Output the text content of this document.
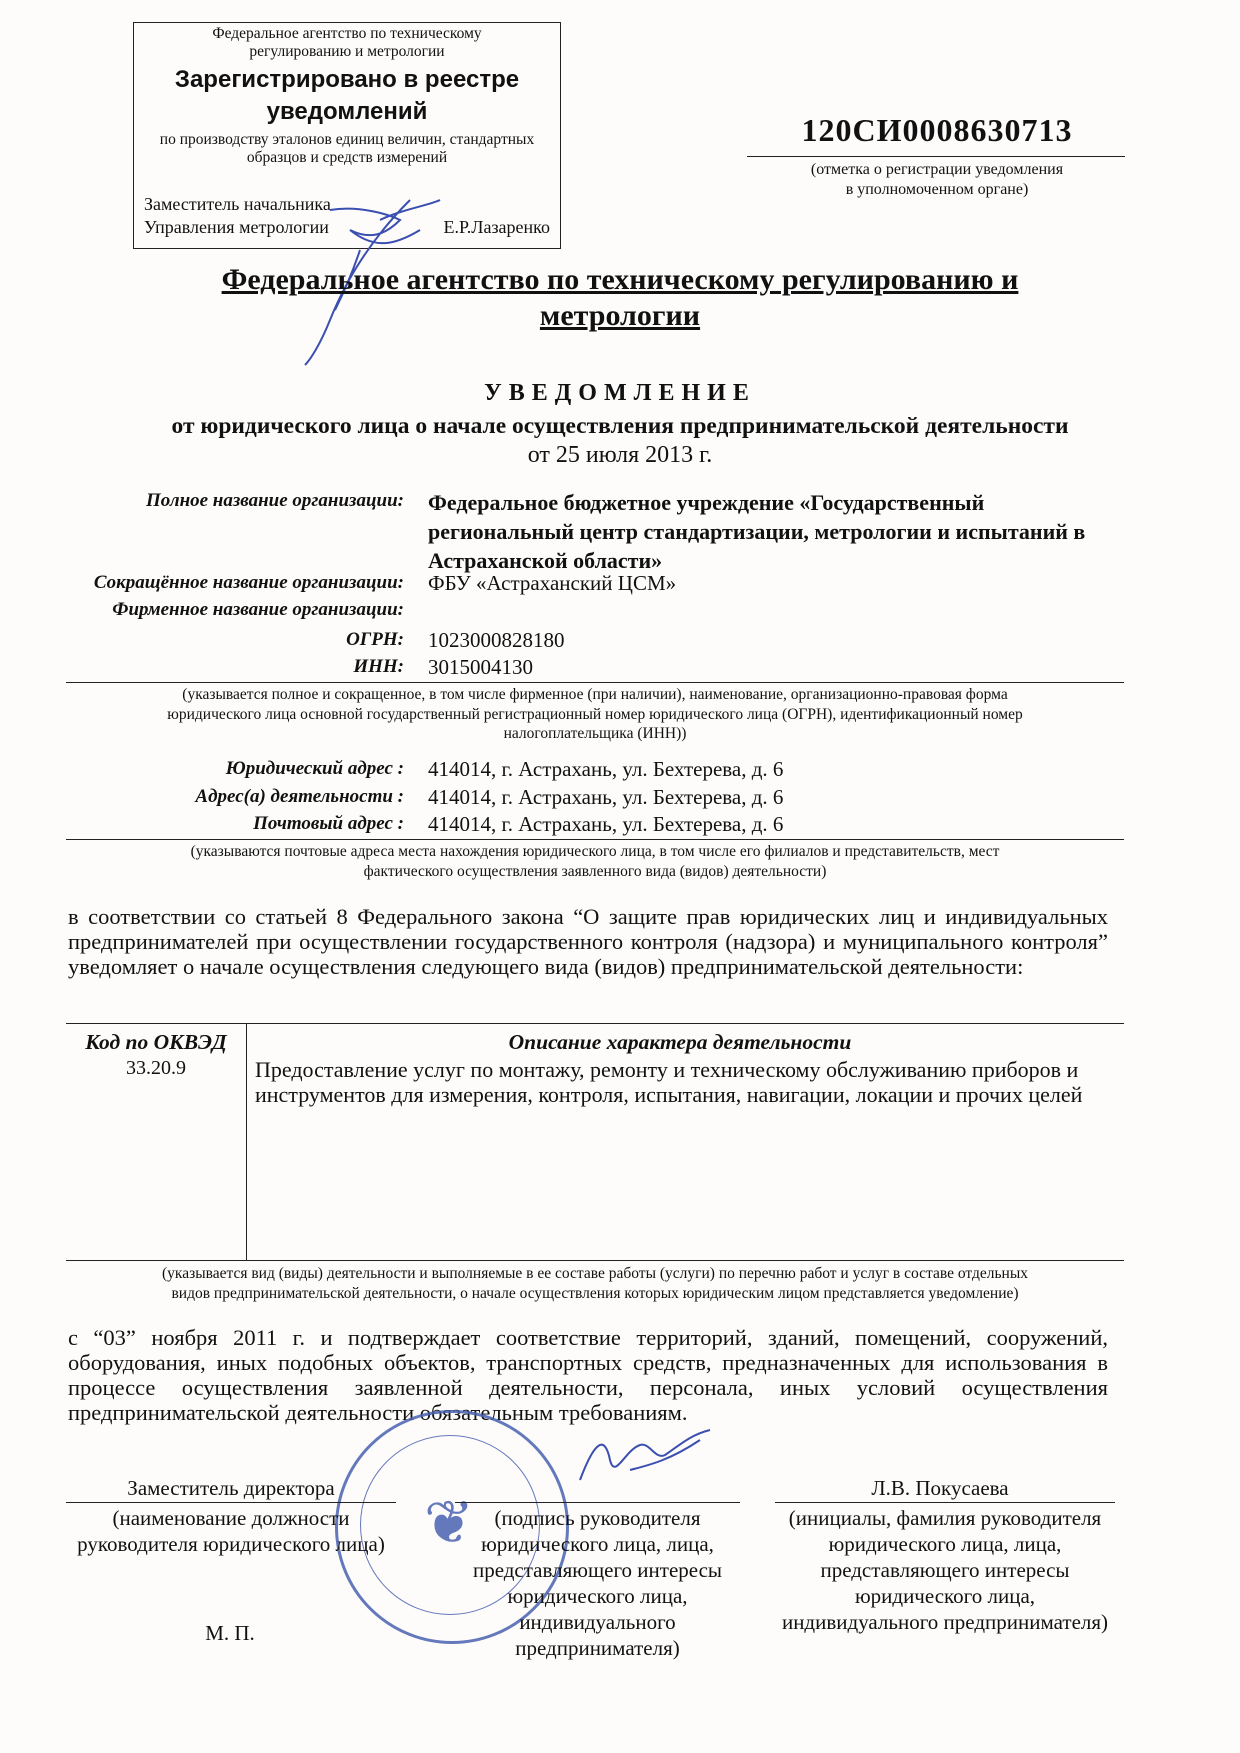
Федеральное агентство по техническому
регулированию и метрологии
Зарегистрировано в реестре
уведомлений
по производству эталонов единиц величин, стандартных
образцов и средств измерений
Заместитель начальника
Управления метрологии	Е.Р.Лазаренко
120СИ0008630713
(отметка о регистрации уведомления
в уполномоченном органе)
Федеральное агентство по техническому регулированию и
метрологии
УВЕДОМЛЕНИЕ
от юридического лица о начале осуществления предпринимательской деятельности
от 25 июля 2013 г.
Полное название организации: Федеральное бюджетное учреждение «Государственный региональный центр стандартизации, метрологии и испытаний в Астраханской области»
Сокращённое название организации: ФБУ «Астраханский ЦСМ»
Фирменное название организации:
ОГРН: 1023000828180
ИНН: 3015004130
(указывается полное и сокращенное, в том числе фирменное (при наличии), наименование, организационно-правовая форма
юридического лица основной государственный регистрационный номер юридического лица (ОГРН), идентификационный номер
налогоплательщика (ИНН))
Юридический адрес : 414014, г. Астрахань, ул. Бехтерева, д. 6
Адрес(а) деятельности : 414014, г. Астрахань, ул. Бехтерева, д. 6
Почтовый адрес : 414014, г. Астрахань, ул. Бехтерева, д. 6
(указываются почтовые адреса места нахождения юридического лица, в том числе его филиалов и представительств, мест
фактического осуществления заявленного вида (видов) деятельности)
в соответствии со статьей 8 Федерального закона “О защите прав юридических лиц и индивидуальных предпринимателей при осуществлении государственного контроля (надзора) и муниципального контроля” уведомляет о начале осуществления следующего вида (видов) предпринимательской деятельности:
Код по ОКВЭД
33.20.9
Описание характера деятельности
Предоставление услуг по монтажу, ремонту и техническому обслуживанию приборов и инструментов для измерения, контроля, испытания, навигации, локации и прочих целей
(указывается вид (виды) деятельности и выполняемые в ее составе работы (услуги) по перечню работ и услуг в составе отдельных
видов предпринимательской деятельности, о начале осуществления которых юридическим лицом представляется уведомление)
с “03” ноября 2011 г. и подтверждает соответствие территорий, зданий, помещений, сооружений, оборудования, иных подобных объектов, транспортных средств, предназначенных для использования в процессе осуществления заявленной деятельности, персонала, иных условий осуществления предпринимательской деятельности обязательным требованиям.
❦
Заместитель директора
(наименование должности руководителя юридического лица)
М. П.
(подпись руководителя юридического лица, лица, представляющего интересы юридического лица, индивидуального предпринимателя)
Л.В. Покусаева
(инициалы, фамилия руководителя юридического лица, лица, представляющего интересы юридического лица, индивидуального предпринимателя)
